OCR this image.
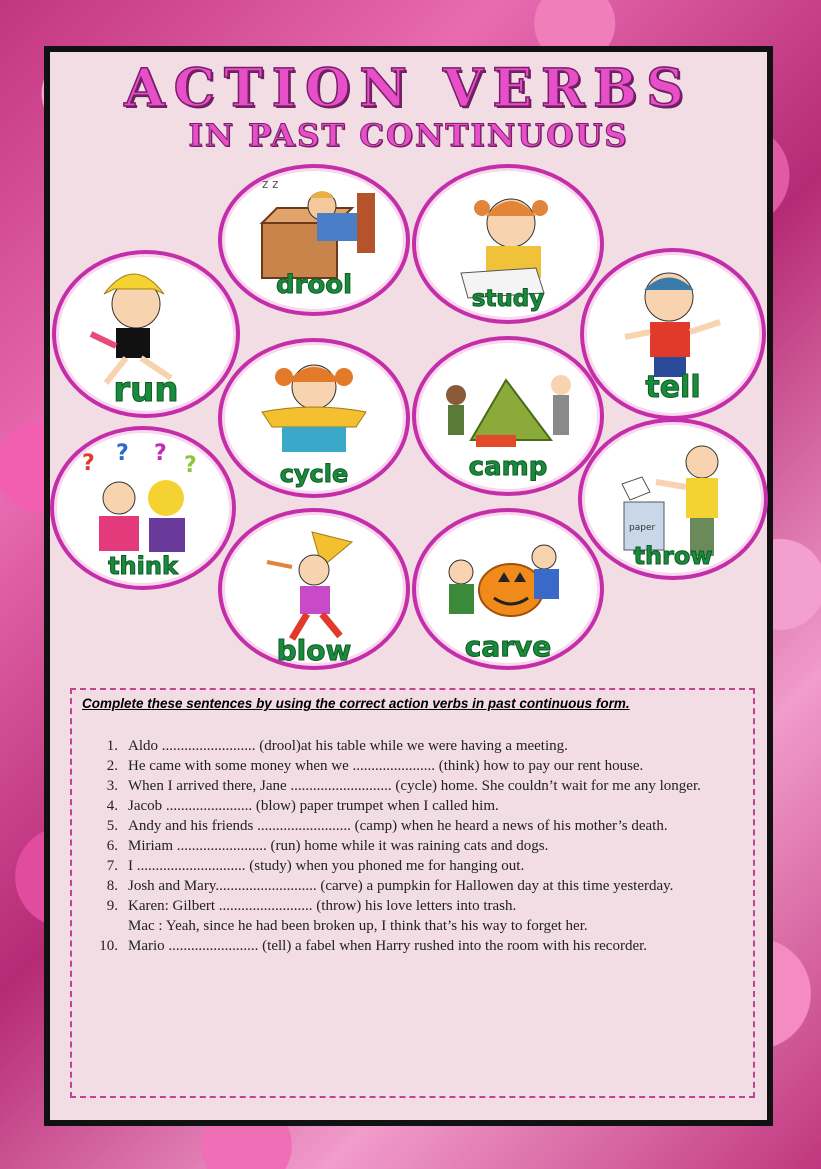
ACTION VERBS
IN PAST CONTINUOUS
z z
drool	study
run	tell
cycle	camp
? ? ? ?
think
paper
throw
blow	carve
Complete these sentences by using the correct action verbs in past continuous form.
1. Aldo ......................... (drool)at his table while we were having a meeting.
2. He came with some money when we ...................... (think) how to pay our rent house.
3. When I arrived there, Jane ........................... (cycle) home. She couldn’t wait for me any longer.
4. Jacob ....................... (blow) paper trumpet when I called him.
5. Andy and his friends ......................... (camp) when he heard a news of his mother’s death.
6. Miriam ........................ (run) home while it was raining cats and dogs.
7. I ............................. (study) when you phoned me for hanging out.
8. Josh and Mary........................... (carve) a pumpkin for Hallowen day at this time yesterday.
9. Karen: Gilbert ......................... (throw) his love letters into trash.
Mac : Yeah, since he had been broken up, I think that’s his way to forget her.
10. Mario ........................ (tell) a fabel when Harry rushed into the room with his recorder.
